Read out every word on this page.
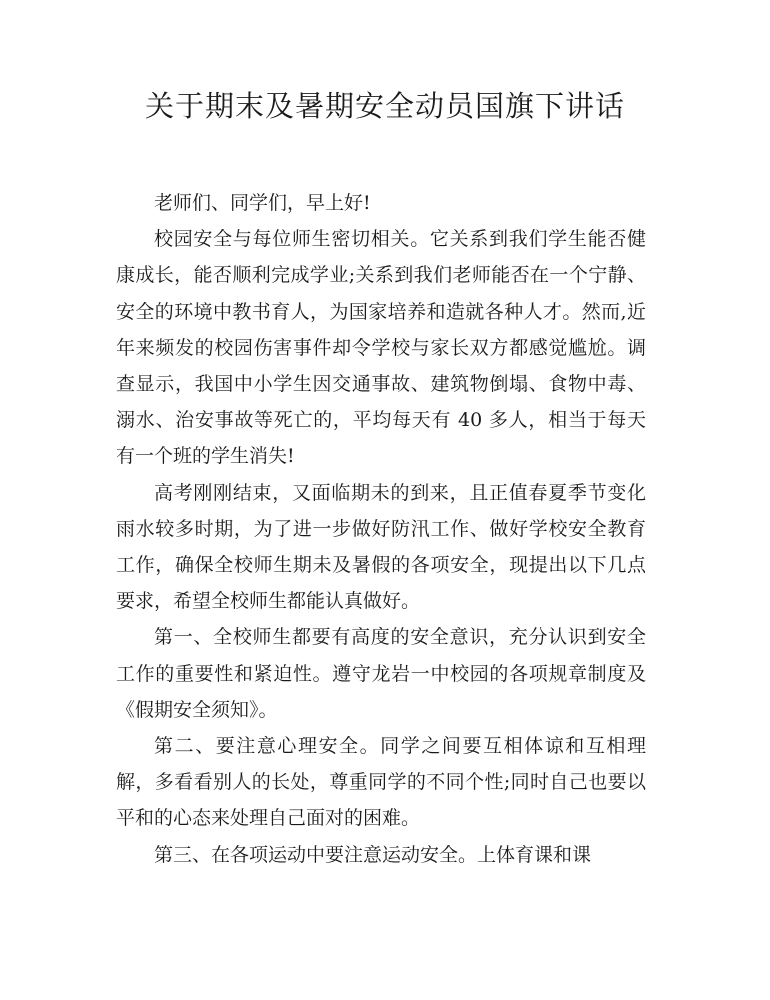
关于期末及暑期安全动员国旗下讲话

老师们、同学们，早上好!

校园安全与每位师生密切相关。它关系到我们学生能否健康成长，能否顺利完成学业;关系到我们老师能否在一个宁静、安全的环境中教书育人，为国家培养和造就各种人才。然而,近年来频发的校园伤害事件却令学校与家长双方都感觉尴尬。调查显示，我国中小学生因交通事故、建筑物倒塌、食物中毒、溺水、治安事故等死亡的，平均每天有 40 多人，相当于每天有一个班的学生消失!

高考刚刚结束，又面临期未的到来，且正值春夏季节变化雨水较多时期，为了进一步做好防汛工作、做好学校安全教育工作，确保全校师生期未及暑假的各项安全，现提出以下几点要求，希望全校师生都能认真做好。

第一、全校师生都要有高度的安全意识，充分认识到安全工作的重要性和紧迫性。遵守龙岩一中校园的各项规章制度及《假期安全须知》。

第二、要注意心理安全。同学之间要互相体谅和互相理解，多看看别人的长处，尊重同学的不同个性;同时自己也要以平和的心态来处理自己面对的困难。

第三、在各项运动中要注意运动安全。上体育课和课
